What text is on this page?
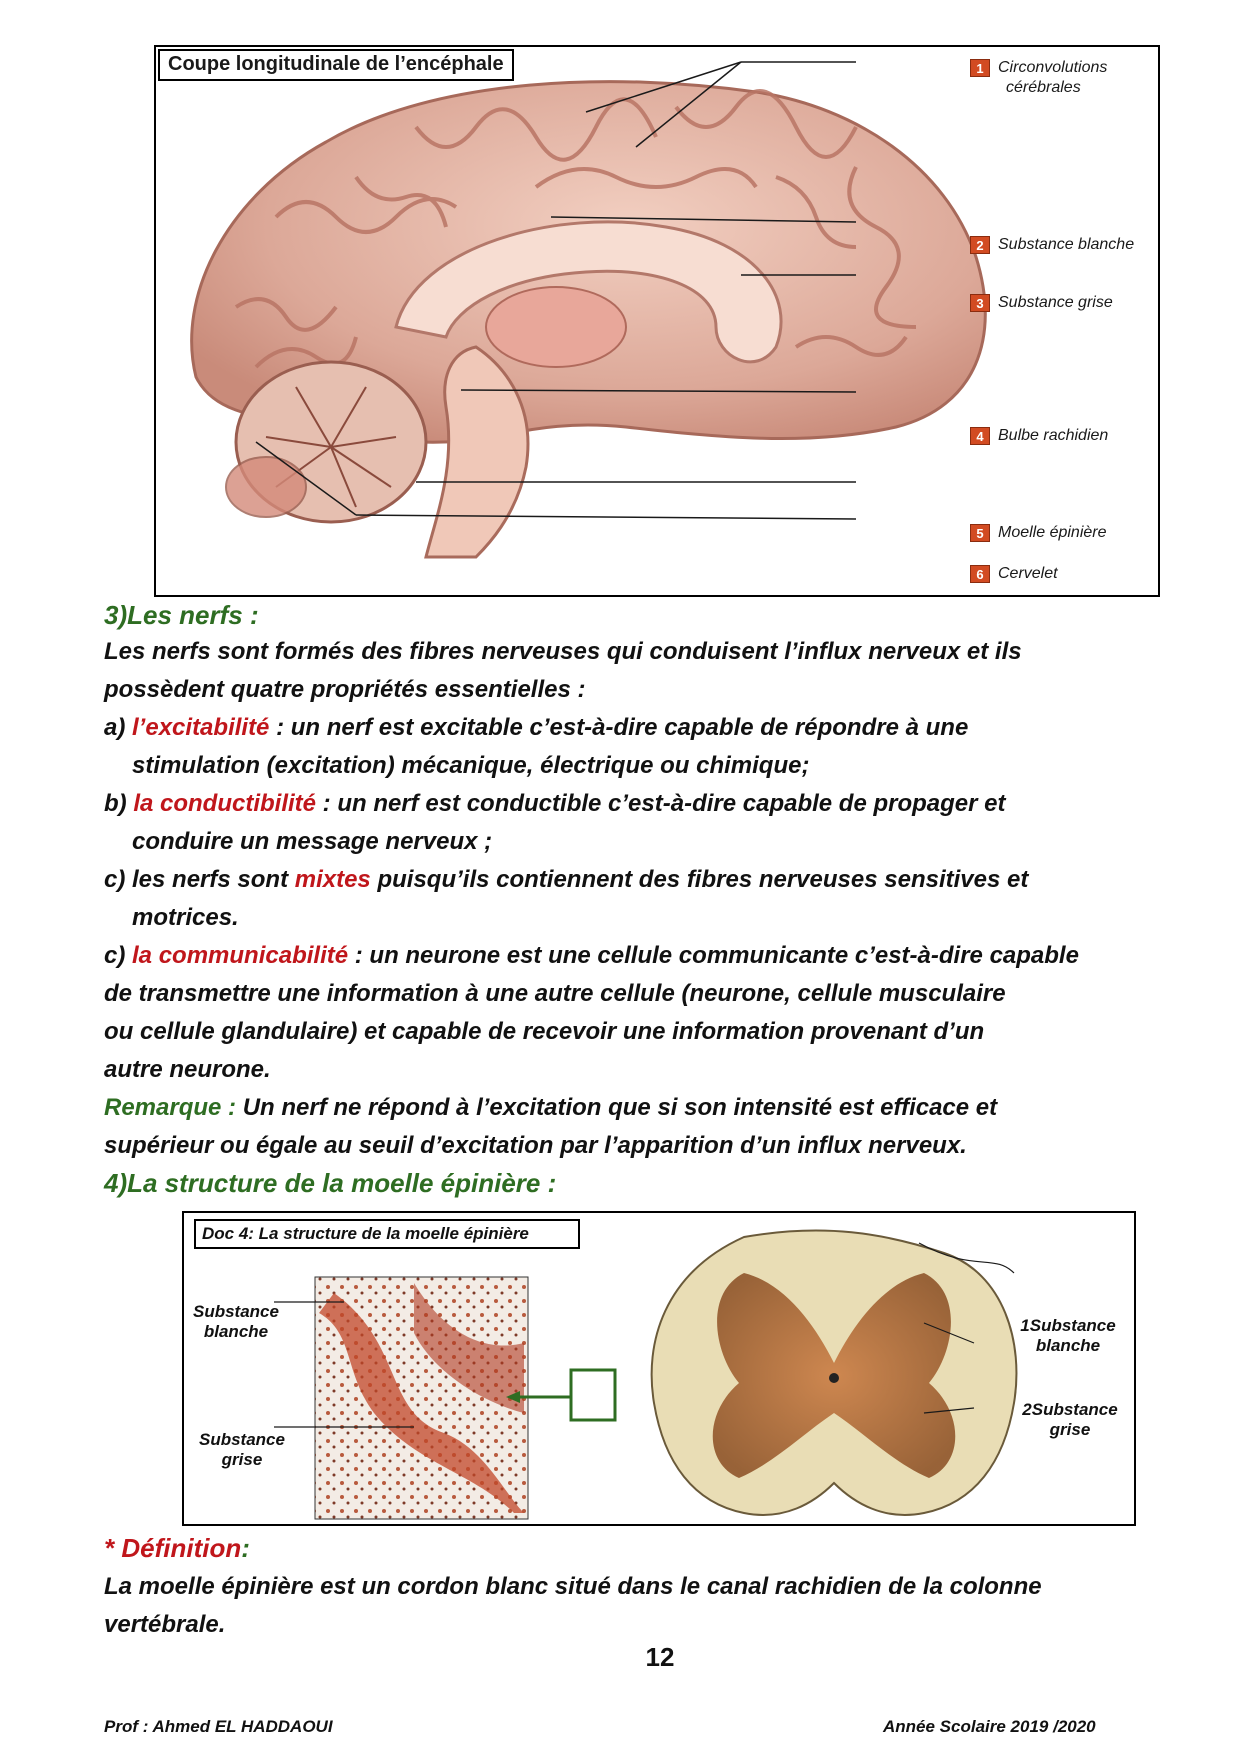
Coupe longitudinale de l’encéphale	1 Circonvolutions
cérébrales
2 Substance blanche
3 Substance grise
4 Bulbe rachidien
5 Moelle épinière
6 Cervelet
3)Les nerfs :
Les nerfs sont formés des fibres nerveuses qui conduisent l’influx nerveux et ils
possèdent quatre propriétés essentielles :
a) l’excitabilité : un nerf est excitable c’est-à-dire capable de répondre à une
stimulation (excitation) mécanique, électrique ou chimique;
b) la conductibilité : un nerf est conductible c’est-à-dire capable de propager et
conduire un message nerveux ;
c) les nerfs sont mixtes puisqu’ils contiennent des fibres nerveuses sensitives et
motrices.
c) la communicabilité : un neurone est une cellule communicante c’est-à-dire capable
de transmettre une information à une autre cellule (neurone, cellule musculaire
ou cellule glandulaire) et capable de recevoir une information provenant d’un
autre neurone.
Remarque : Un nerf ne répond à l’excitation que si son intensité est efficace et
supérieur ou égale au seuil d’excitation par l’apparition d’un influx nerveux.
4)La structure de la moelle épinière :
Doc 4: La structure de la moelle épinière
Substance
blanche
Substance
grise
1Substance
blanche
2Substance
grise
* Définition:
La moelle épinière est un cordon blanc situé dans le canal rachidien de la colonne
vertébrale.
12
Prof : Ahmed EL HADDAOUI	Année Scolaire 2019 /2020
